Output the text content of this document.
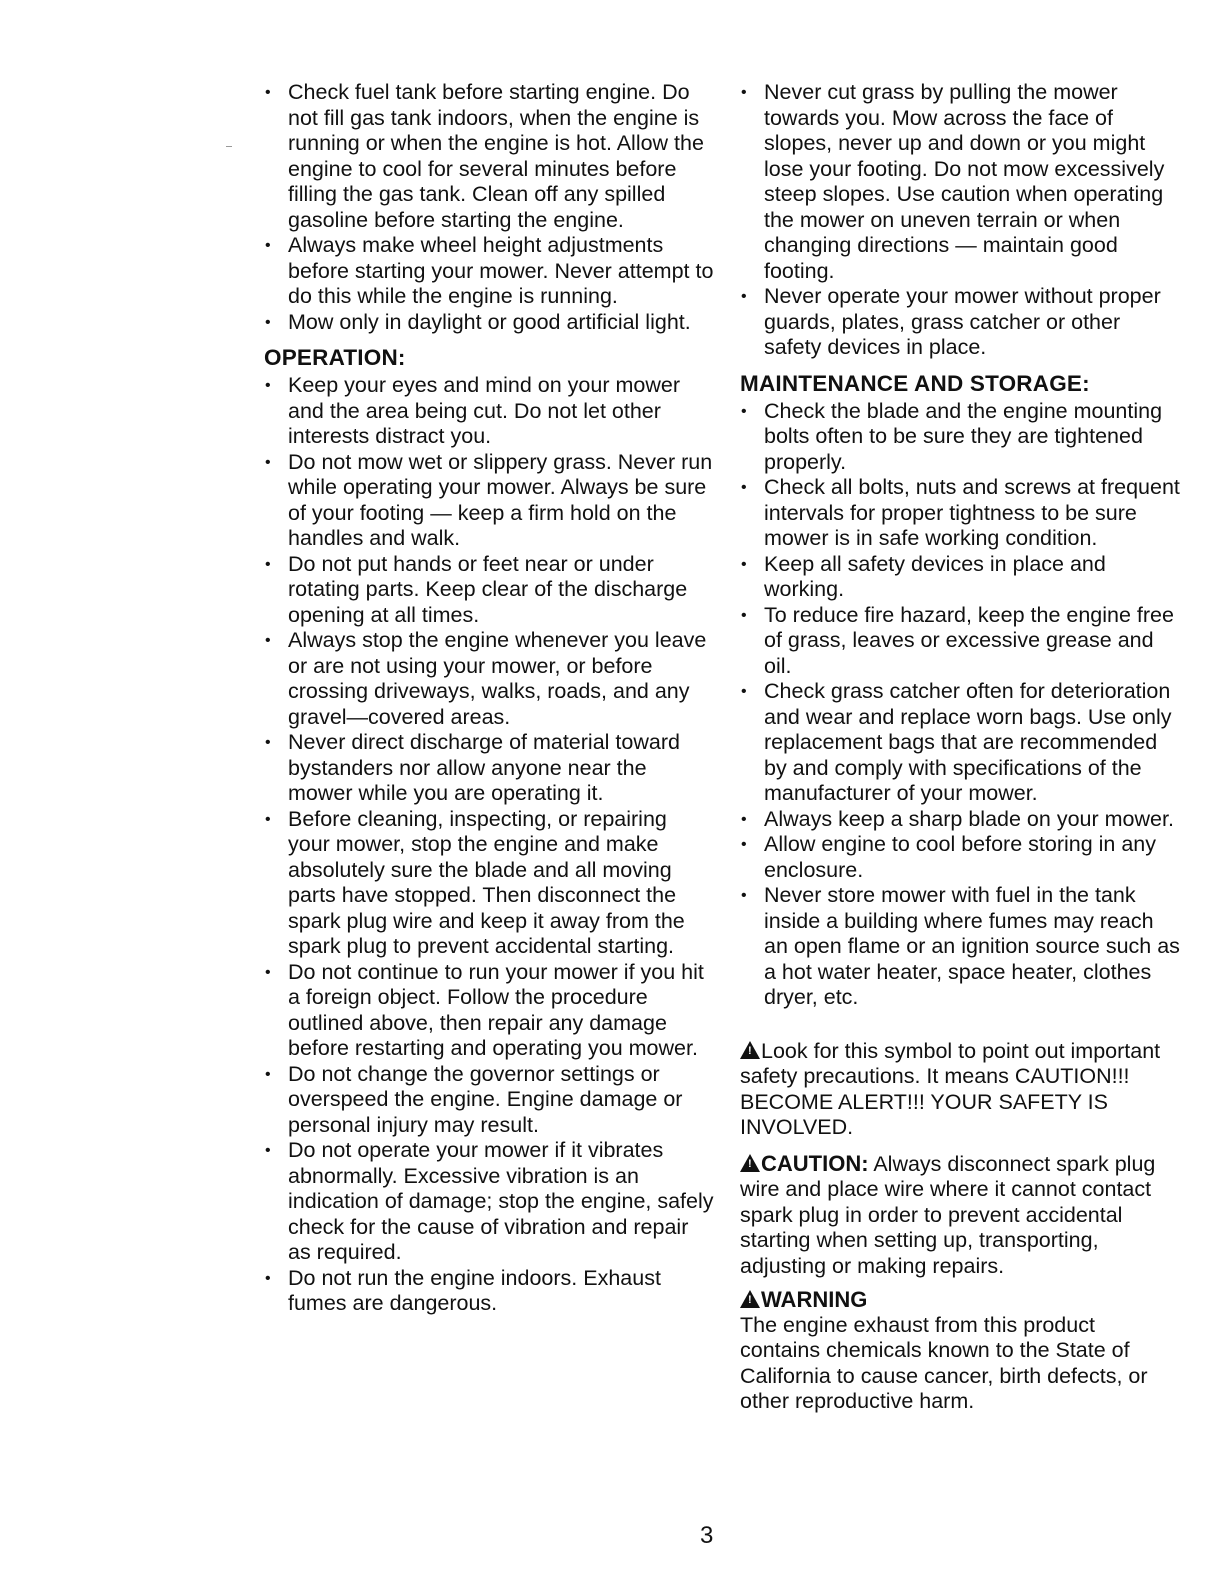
• Check fuel tank before starting engine. Do not fill gas tank indoors, when the engine is running or when the engine is hot. Allow the engine to cool for several minutes before filling the gas tank. Clean off any spilled gasoline before starting the engine.
• Always make wheel height adjustments before starting your mower. Never attempt to do this while the engine is running.
• Mow only in daylight or good artificial light.
OPERATION:
• Keep your eyes and mind on your mower and the area being cut. Do not let other interests distract you.
• Do not mow wet or slippery grass. Never run while operating your mower. Always be sure of your footing — keep a firm hold on the handles and walk.
• Do not put hands or feet near or under rotating parts. Keep clear of the discharge opening at all times.
• Always stop the engine whenever you leave or are not using your mower, or before crossing driveways, walks, roads, and any gravel—covered areas.
• Never direct discharge of material toward bystanders nor allow anyone near the mower while you are operating it.
• Before cleaning, inspecting, or repairing your mower, stop the engine and make absolutely sure the blade and all moving parts have stopped. Then disconnect the spark plug wire and keep it away from the spark plug to prevent accidental starting.
• Do not continue to run your mower if you hit a foreign object. Follow the procedure outlined above, then repair any damage before restarting and operating you mower.
• Do not change the governor settings or overspeed the engine. Engine damage or personal injury may result.
• Do not operate your mower if it vibrates abnormally. Excessive vibration is an indication of damage; stop the engine, safely check for the cause of vibration and repair as required.
• Do not run the engine indoors. Exhaust fumes are dangerous.
• Never cut grass by pulling the mower towards you. Mow across the face of slopes, never up and down or you might lose your footing. Do not mow excessively steep slopes. Use caution when operating the mower on uneven terrain or when changing directions — maintain good footing.
• Never operate your mower without proper guards, plates, grass catcher or other safety devices in place.
MAINTENANCE AND STORAGE:
• Check the blade and the engine mounting bolts often to be sure they are tightened properly.
• Check all bolts, nuts and screws at frequent intervals for proper tightness to be sure mower is in safe working condition.
• Keep all safety devices in place and working.
• To reduce fire hazard, keep the engine free of grass, leaves or excessive grease and oil.
• Check grass catcher often for deterioration and wear and replace worn bags. Use only replacement bags that are recommended by and comply with specifications of the manufacturer of your mower.
• Always keep a sharp blade on your mower.
• Allow engine to cool before storing in any enclosure.
• Never store mower with fuel in the tank inside a building where fumes may reach an open flame or an ignition source such as a hot water heater, space heater, clothes dryer, etc.

!Look for this symbol to point out important safety precautions. It means CAUTION!!! BECOME ALERT!!! YOUR SAFETY IS INVOLVED.

!CAUTION: Always disconnect spark plug wire and place wire where it cannot contact spark plug in order to prevent accidental starting when setting up, transporting, adjusting or making repairs.

!WARNING

The engine exhaust from this product contains chemicals known to the State of California to cause cancer, birth defects, or other reproductive harm.

3
